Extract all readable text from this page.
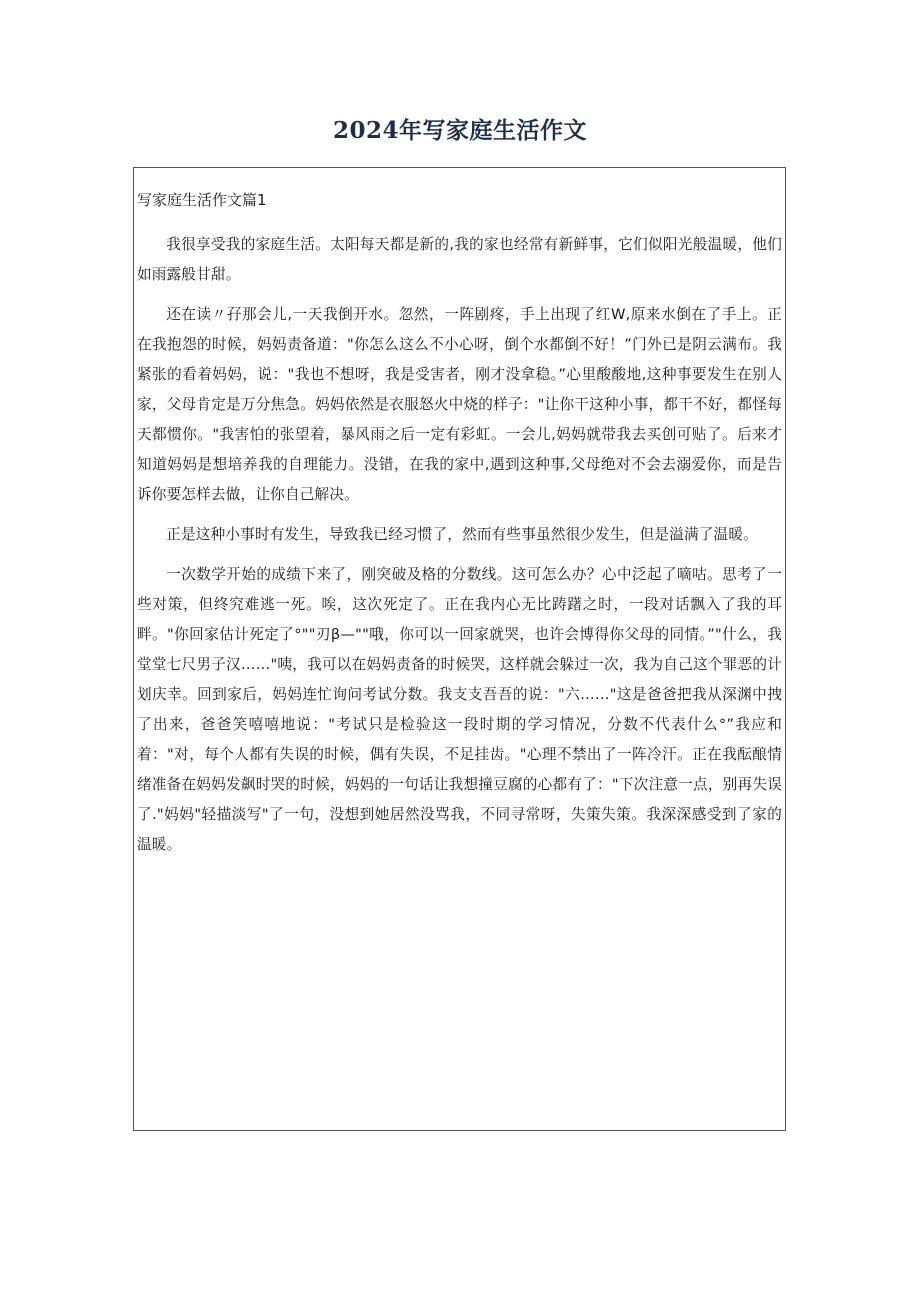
2024年写家庭生活作文
写家庭生活作文篇1

我很享受我的家庭生活。太阳每天都是新的,我的家也经常有新鲜事，它们似阳光般温暖，他们如雨露般甘甜。

还在读〃孖那会儿,一天我倒开水。忽然，一阵剧疼，手上出现了红W,原来水倒在了手上。正在我抱怨的时候，妈妈责备道："你怎么这么不小心呀，倒个水都倒不好！”门外已是阴云满布。我紧张的看着妈妈，说："我也不想呀，我是受害者，刚才没拿稳。”心里酸酸地,这种事要发生在别人家，父母肯定是万分焦急。妈妈依然是衣服怒火中烧的样子："让你干这种小事，都干不好，都怪每天都惯你。"我害怕的张望着，暴风雨之后一定有彩虹。一会儿,妈妈就带我去买创可贴了。后来才知道妈妈是想培养我的自理能力。没错，在我的家中,遇到这种事,父母绝对不会去溺爱你，而是告诉你要怎样去做，让你自己解决。

正是这种小事时有发生，导致我已经习惯了，然而有些事虽然很少发生，但是溢满了温暖。

一次数学开始的成绩下来了，刚突破及格的分数线。这可怎么办？心中泛起了嘀咕。思考了一些对策，但终究难逃一死。唉，这次死定了。正在我内心无比踌躇之时，一段对话飘入了我的耳畔。"你回家估计死定了°""刃β—""哦，你可以一回家就哭，也许会博得你父母的同情。”"什么，我堂堂七尺男子汉……"咦，我可以在妈妈责备的时候哭，这样就会躲过一次，我为自己这个罪恶的计划庆幸。回到家后，妈妈连忙询问考试分数。我支支吾吾的说："六……"这是爸爸把我从深渊中拽了出来，爸爸笑嘻嘻地说："考试只是检验这一段时期的学习情况，分数不代表什么°”我应和着："对，每个人都有失误的时候，偶有失误，不足挂齿。"心理不禁出了一阵冷汗。正在我酝酿情绪准备在妈妈发飙时哭的时候，妈妈的一句话让我想撞豆腐的心都有了："下次注意一点，别再失误了."妈妈"轻描淡写"了一句，没想到她居然没骂我，不同寻常呀，失策失策。我深深感受到了家的温暖。
